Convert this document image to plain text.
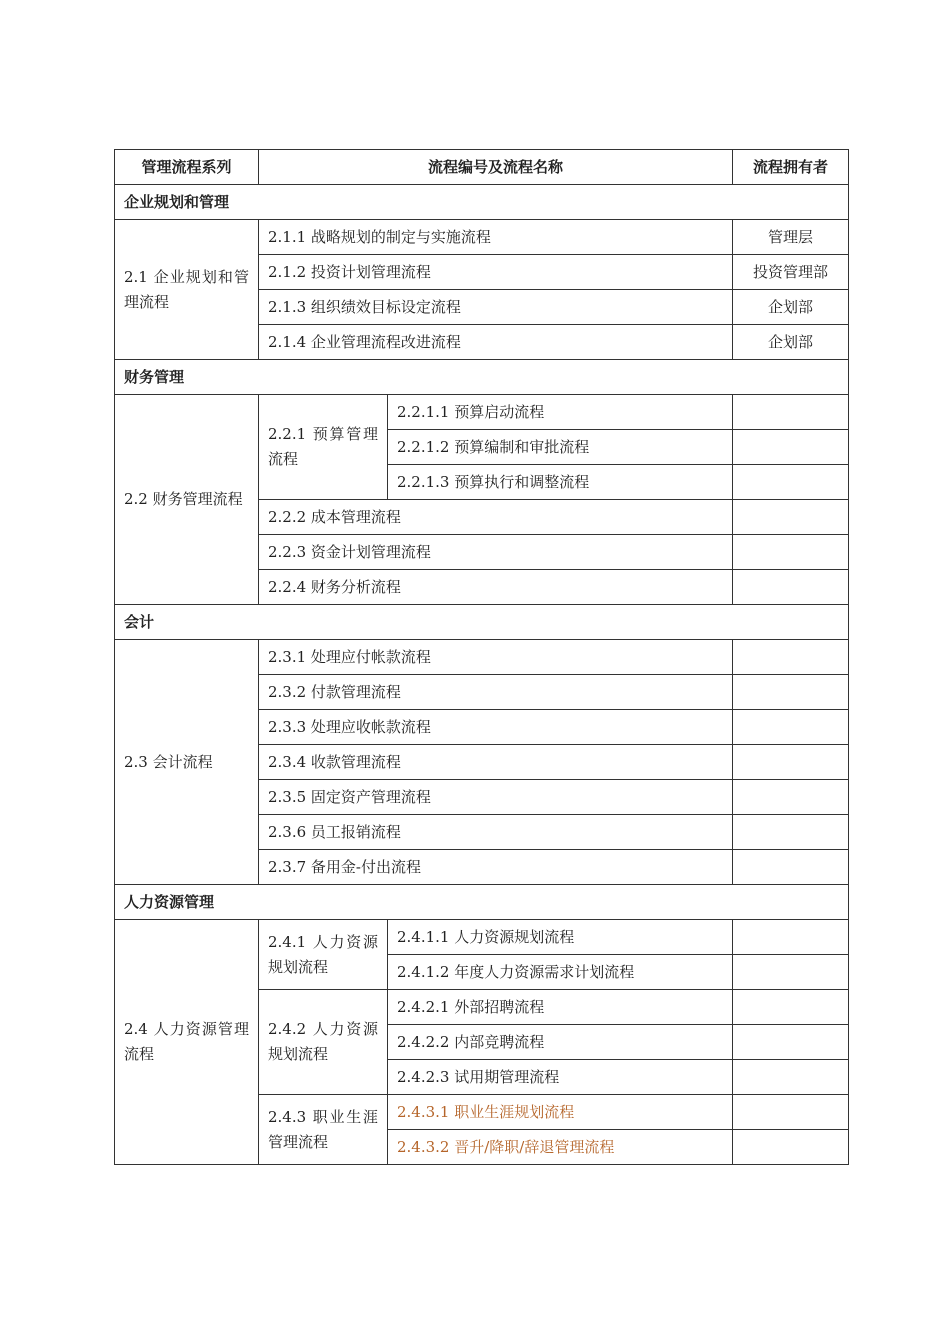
管理流程系列	流程编号及流程名称		流程拥有者
企业规划和管理			
2.1 企业规划和管理流程	2.1.1 战略规划的制定与实施流程		管理层
	2.1.2 投资计划管理流程		投资管理部
	2.1.3 组织绩效目标设定流程		企划部
	2.1.4 企业管理流程改进流程		企划部
财务管理			
2.2 财务管理流程	2.2.1 预算管理流程	2.2.1.1 预算启动流程	
		2.2.1.2 预算编制和审批流程	
		2.2.1.3 预算执行和调整流程	
	2.2.2 成本管理流程		
	2.2.3 资金计划管理流程		
	2.2.4 财务分析流程		
会计			
2.3 会计流程	2.3.1 处理应付帐款流程		
	2.3.2 付款管理流程		
	2.3.3 处理应收帐款流程		
	2.3.4 收款管理流程		
	2.3.5 固定资产管理流程		
	2.3.6 员工报销流程		
	2.3.7 备用金-付出流程		
人力资源管理			
2.4 人力资源管理流程	2.4.1 人力资源规划流程	2.4.1.1 人力资源规划流程	
		2.4.1.2 年度人力资源需求计划流程	
	2.4.2 人力资源规划流程	2.4.2.1 外部招聘流程	
		2.4.2.2 内部竞聘流程	
		2.4.2.3 试用期管理流程	
	2.4.3 职业生涯管理流程	2.4.3.1 职业生涯规划流程	
		2.4.3.2 晋升/降职/辞退管理流程	
